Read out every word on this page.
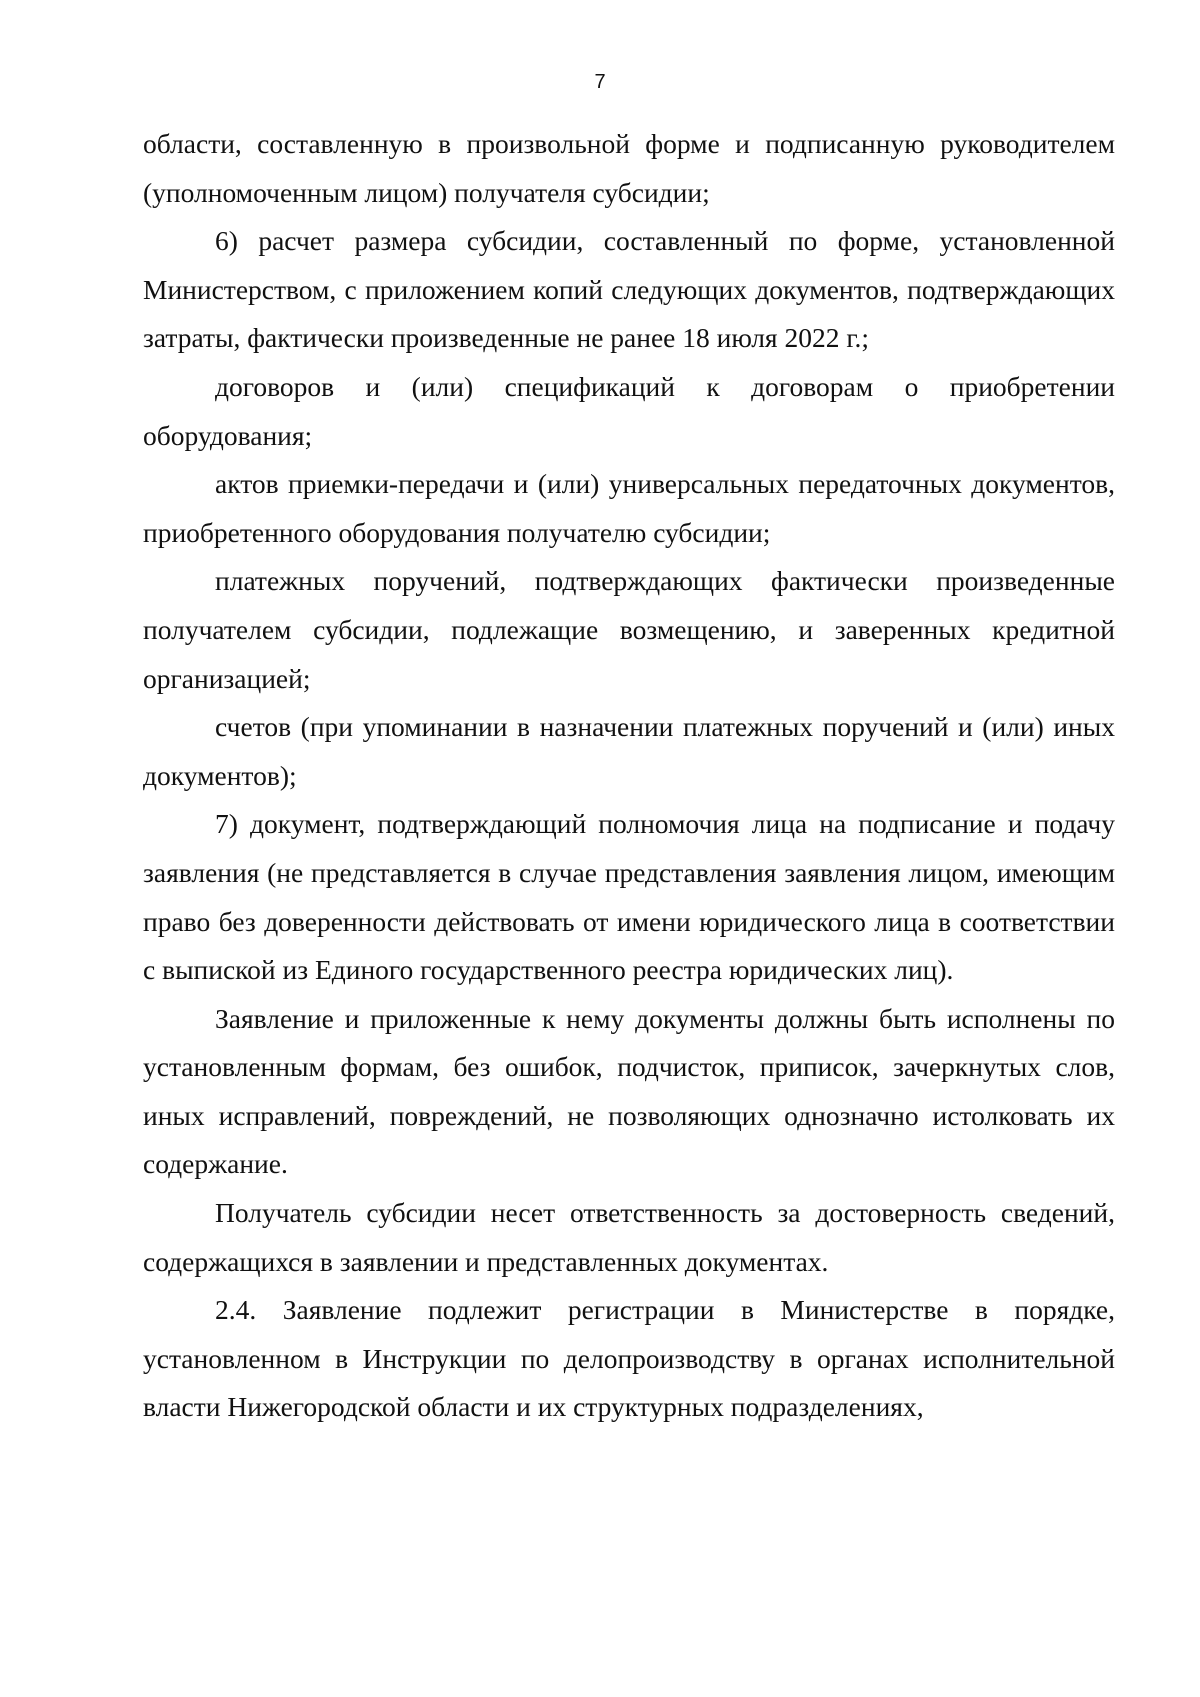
7

области, составленную в произвольной форме и подписанную руководителем (уполномоченным лицом) получателя субсидии;

6) расчет размера субсидии, составленный по форме, установленной Министерством, с приложением копий следующих документов, подтверждающих затраты, фактически произведенные не ранее 18 июля 2022 г.;

договоров и (или) спецификаций к договорам о приобретении оборудования;

актов приемки-передачи и (или) универсальных передаточных документов, приобретенного оборудования получателю субсидии;

платежных поручений, подтверждающих фактически произведенные получателем субсидии, подлежащие возмещению, и заверенных кредитной организацией;

счетов (при упоминании в назначении платежных поручений и (или) иных документов);

7) документ, подтверждающий полномочия лица на подписание и подачу заявления (не представляется в случае представления заявления лицом, имеющим право без доверенности действовать от имени юридического лица в соответствии с выпиской из Единого государственного реестра юридических лиц).

Заявление и приложенные к нему документы должны быть исполнены по установленным формам, без ошибок, подчисток, приписок, зачеркнутых слов, иных исправлений, повреждений, не позволяющих однозначно истолковать их содержание.

Получатель субсидии несет ответственность за достоверность сведений, содержащихся в заявлении и представленных документах.

2.4. Заявление подлежит регистрации в Министерстве в порядке, установленном в Инструкции по делопроизводству в органах исполнительной власти Нижегородской области и их структурных подразделениях,
